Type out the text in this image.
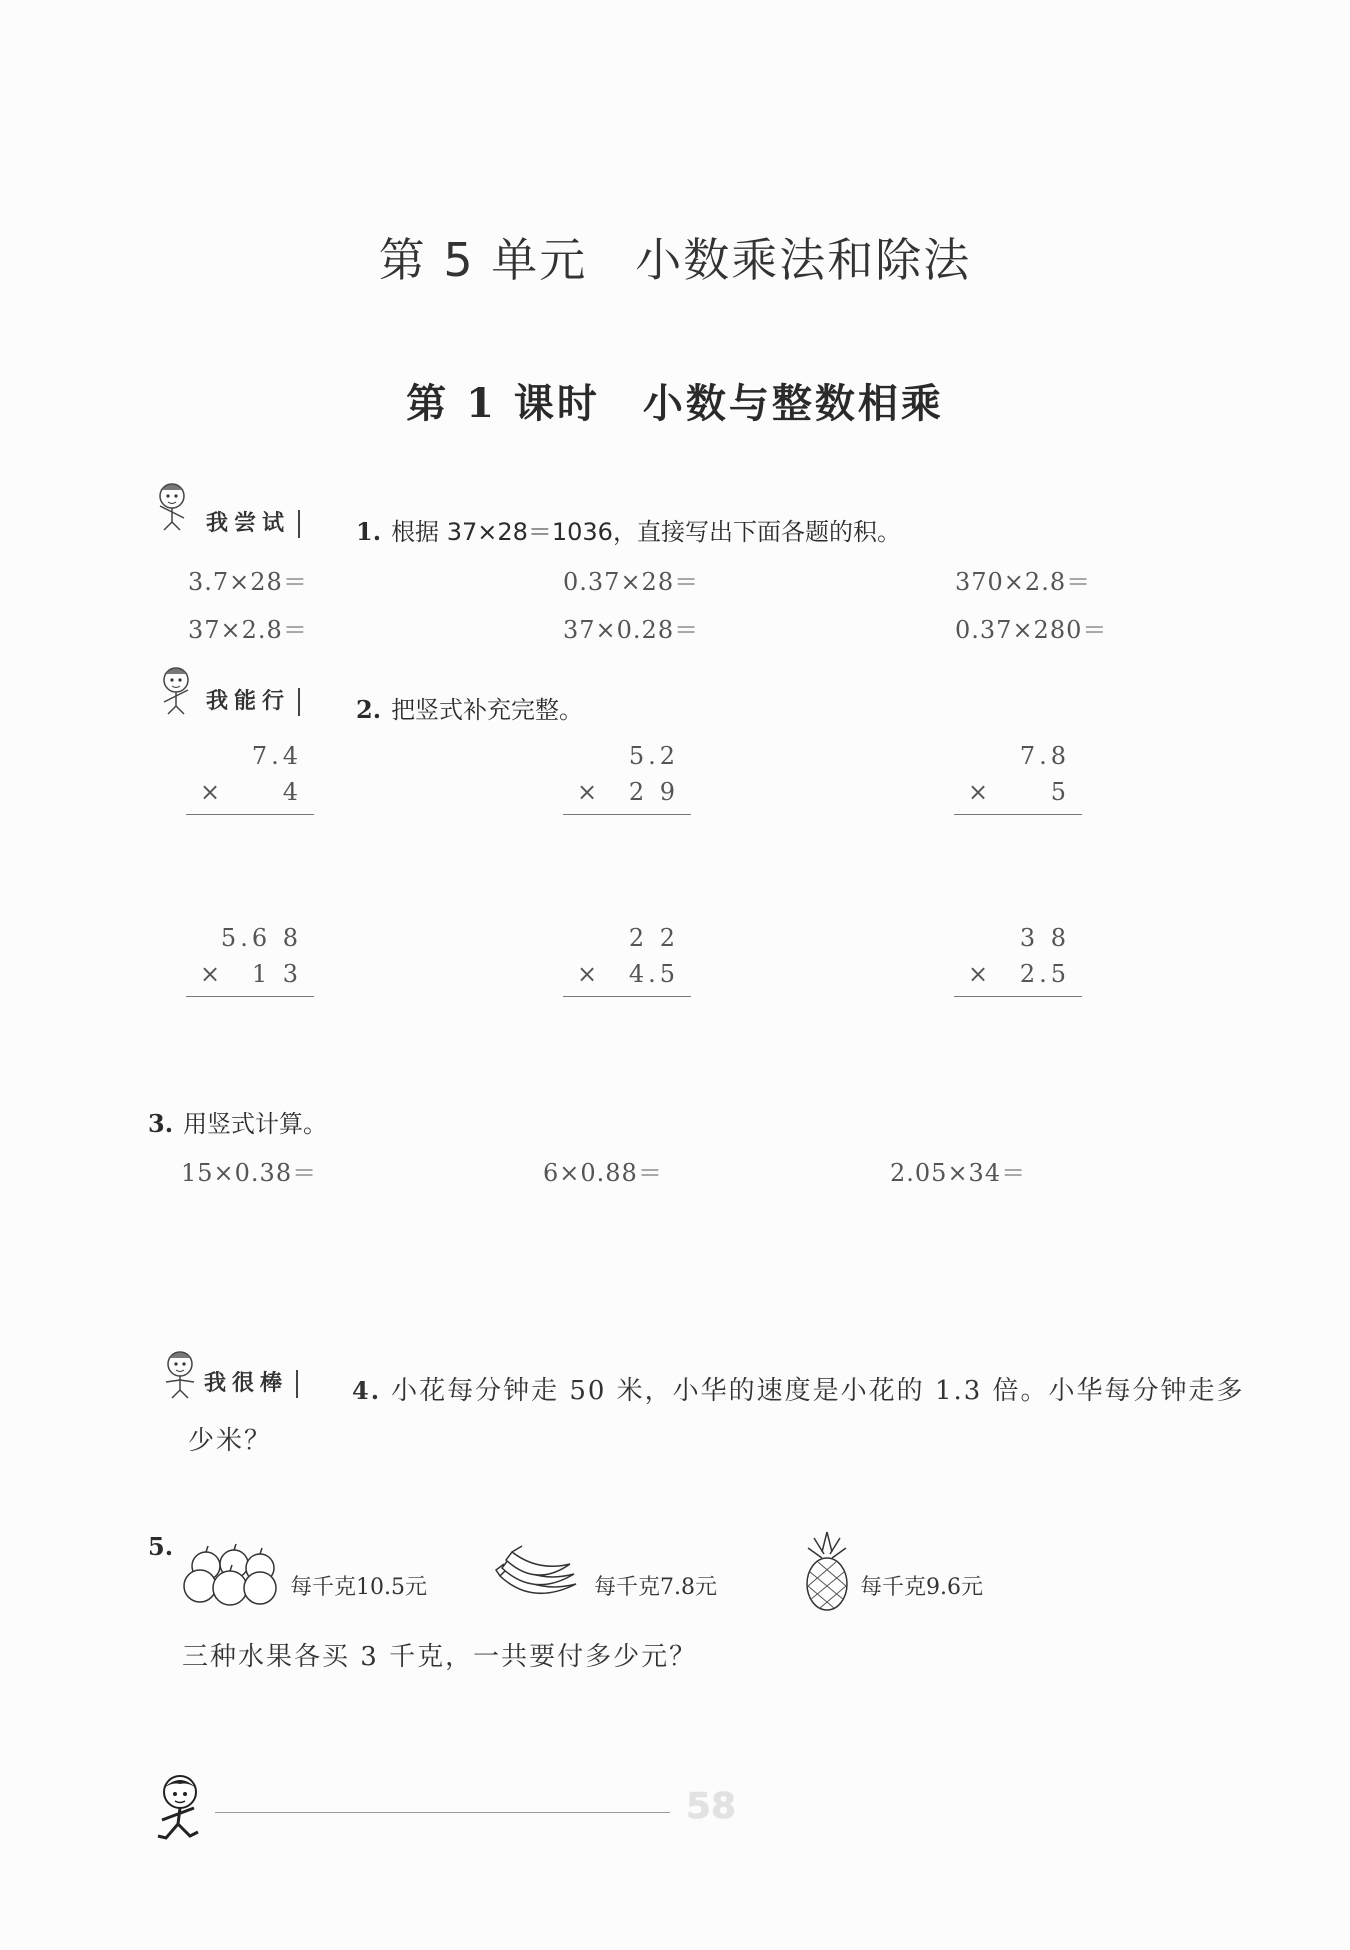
第 5 单元　小数乘法和除法
第 1 课时　小数与整数相乘
我尝试	1. 根据 37×28＝1036，直接写出下面各题的积。
3.7×28＝	0.37×28＝	370×2.8＝
37×2.8＝	37×0.28＝	0.37×280＝
我能行	2. 把竖式补充完整。
7.4
× 4
5.2
× 2 9
7.8
× 5
5.6 8
× 1 3
2 2
× 4.5
3 8
× 2.5
3. 用竖式计算。
15×0.38＝	6×0.88＝	2.05×34＝
我很棒	4. 小花每分钟走 50 米，小华的速度是小花的 1.3 倍。小华每分钟走多
少米？
5.
每千克10.5元	每千克7.8元	每千克9.6元
三种水果各买 3 千克，一共要付多少元？
58
